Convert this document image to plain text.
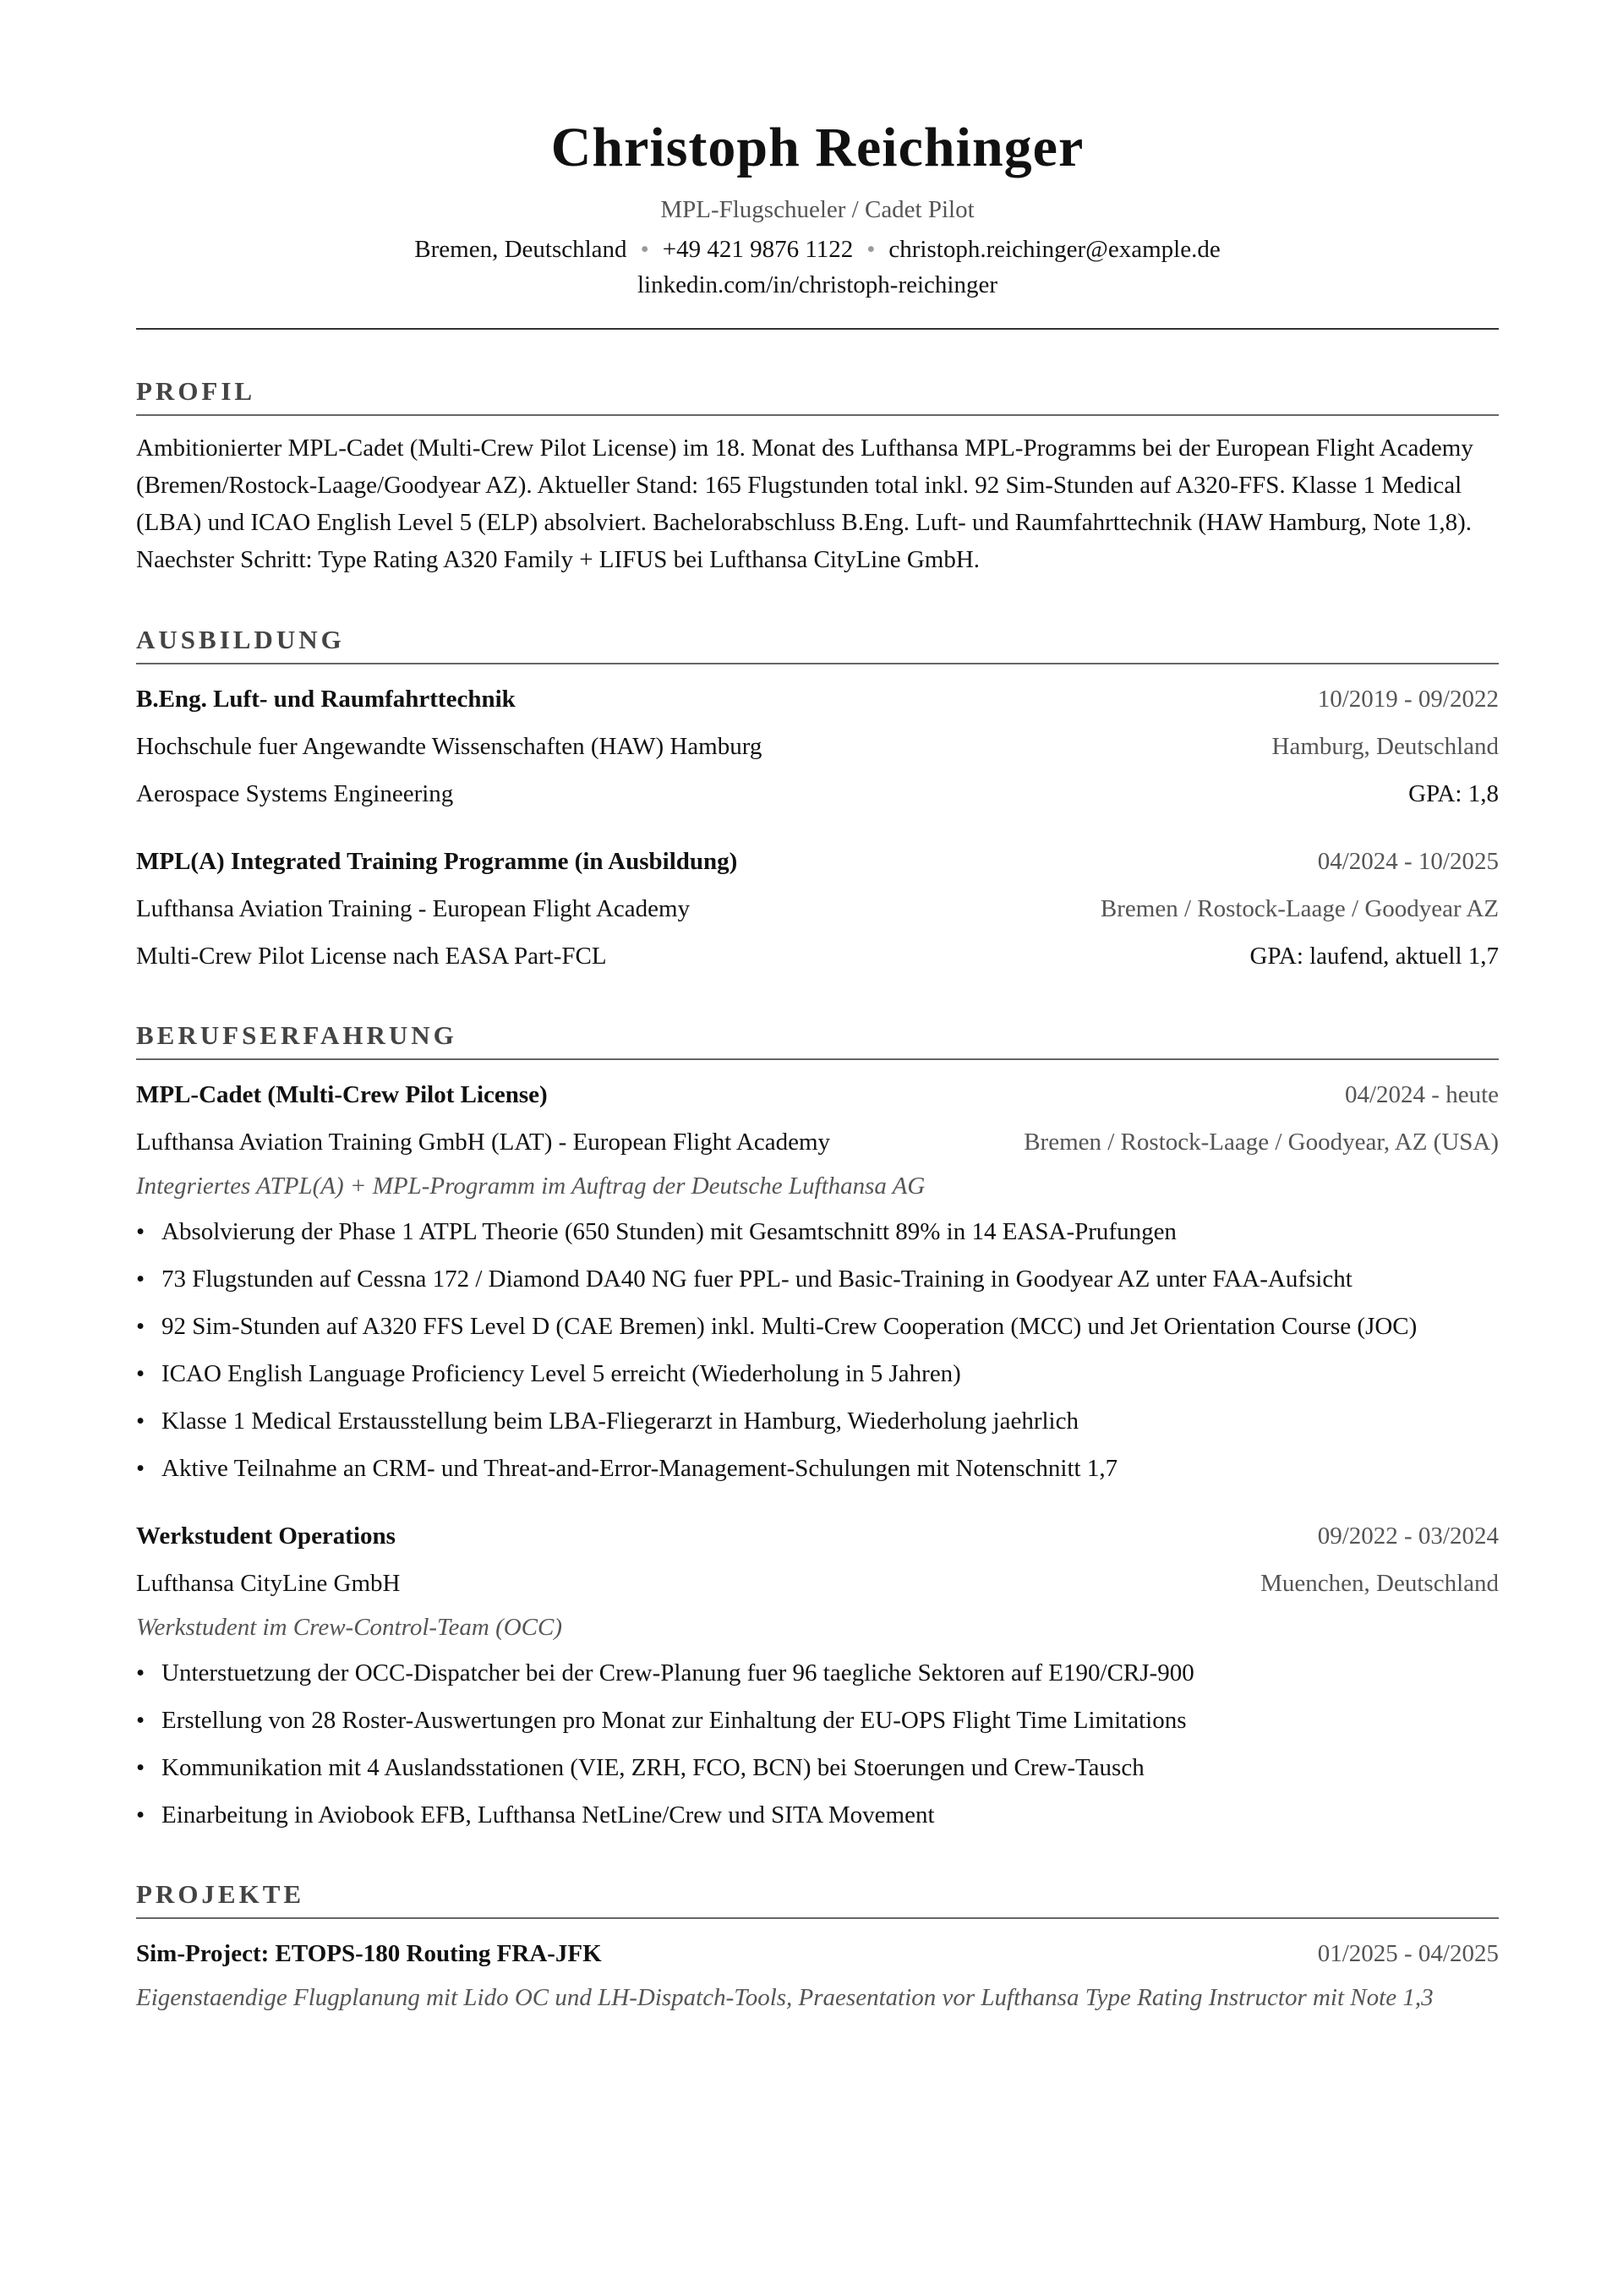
Christoph Reichinger
MPL-Flugschueler / Cadet Pilot
Bremen, Deutschland • +49 421 9876 1122 • christoph.reichinger@example.de
linkedin.com/in/christoph-reichinger
PROFIL
Ambitionierter MPL-Cadet (Multi-Crew Pilot License) im 18. Monat des Lufthansa MPL-Programms bei der European Flight Academy (Bremen/Rostock-Laage/Goodyear AZ). Aktueller Stand: 165 Flugstunden total inkl. 92 Sim-Stunden auf A320-FFS. Klasse 1 Medical (LBA) und ICAO English Level 5 (ELP) absolviert. Bachelorabschluss B.Eng. Luft- und Raumfahrttechnik (HAW Hamburg, Note 1,8). Naechster Schritt: Type Rating A320 Family + LIFUS bei Lufthansa CityLine GmbH.
AUSBILDUNG
B.Eng. Luft- und Raumfahrttechnik	10/2019 - 09/2022
Hochschule fuer Angewandte Wissenschaften (HAW) Hamburg	Hamburg, Deutschland
Aerospace Systems Engineering	GPA: 1,8
MPL(A) Integrated Training Programme (in Ausbildung)	04/2024 - 10/2025
Lufthansa Aviation Training - European Flight Academy	Bremen / Rostock-Laage / Goodyear AZ
Multi-Crew Pilot License nach EASA Part-FCL	GPA: laufend, aktuell 1,7
BERUFSERFAHRUNG
MPL-Cadet (Multi-Crew Pilot License)	04/2024 - heute
Lufthansa Aviation Training GmbH (LAT) - European Flight Academy	Bremen / Rostock-Laage / Goodyear, AZ (USA)
Integriertes ATPL(A) + MPL-Programm im Auftrag der Deutsche Lufthansa AG
• Absolvierung der Phase 1 ATPL Theorie (650 Stunden) mit Gesamtschnitt 89% in 14 EASA-Prufungen
• 73 Flugstunden auf Cessna 172 / Diamond DA40 NG fuer PPL- und Basic-Training in Goodyear AZ unter FAA-Aufsicht
• 92 Sim-Stunden auf A320 FFS Level D (CAE Bremen) inkl. Multi-Crew Cooperation (MCC) und Jet Orientation Course (JOC)
• ICAO English Language Proficiency Level 5 erreicht (Wiederholung in 5 Jahren)
• Klasse 1 Medical Erstausstellung beim LBA-Fliegerarzt in Hamburg, Wiederholung jaehrlich
• Aktive Teilnahme an CRM- und Threat-and-Error-Management-Schulungen mit Notenschnitt 1,7
Werkstudent Operations	09/2022 - 03/2024
Lufthansa CityLine GmbH	Muenchen, Deutschland
Werkstudent im Crew-Control-Team (OCC)
• Unterstuetzung der OCC-Dispatcher bei der Crew-Planung fuer 96 taegliche Sektoren auf E190/CRJ-900
• Erstellung von 28 Roster-Auswertungen pro Monat zur Einhaltung der EU-OPS Flight Time Limitations
• Kommunikation mit 4 Auslandsstationen (VIE, ZRH, FCO, BCN) bei Stoerungen und Crew-Tausch
• Einarbeitung in Aviobook EFB, Lufthansa NetLine/Crew und SITA Movement
PROJEKTE
Sim-Project: ETOPS-180 Routing FRA-JFK	01/2025 - 04/2025
Eigenstaendige Flugplanung mit Lido OC und LH-Dispatch-Tools, Praesentation vor Lufthansa Type Rating Instructor mit Note 1,3
